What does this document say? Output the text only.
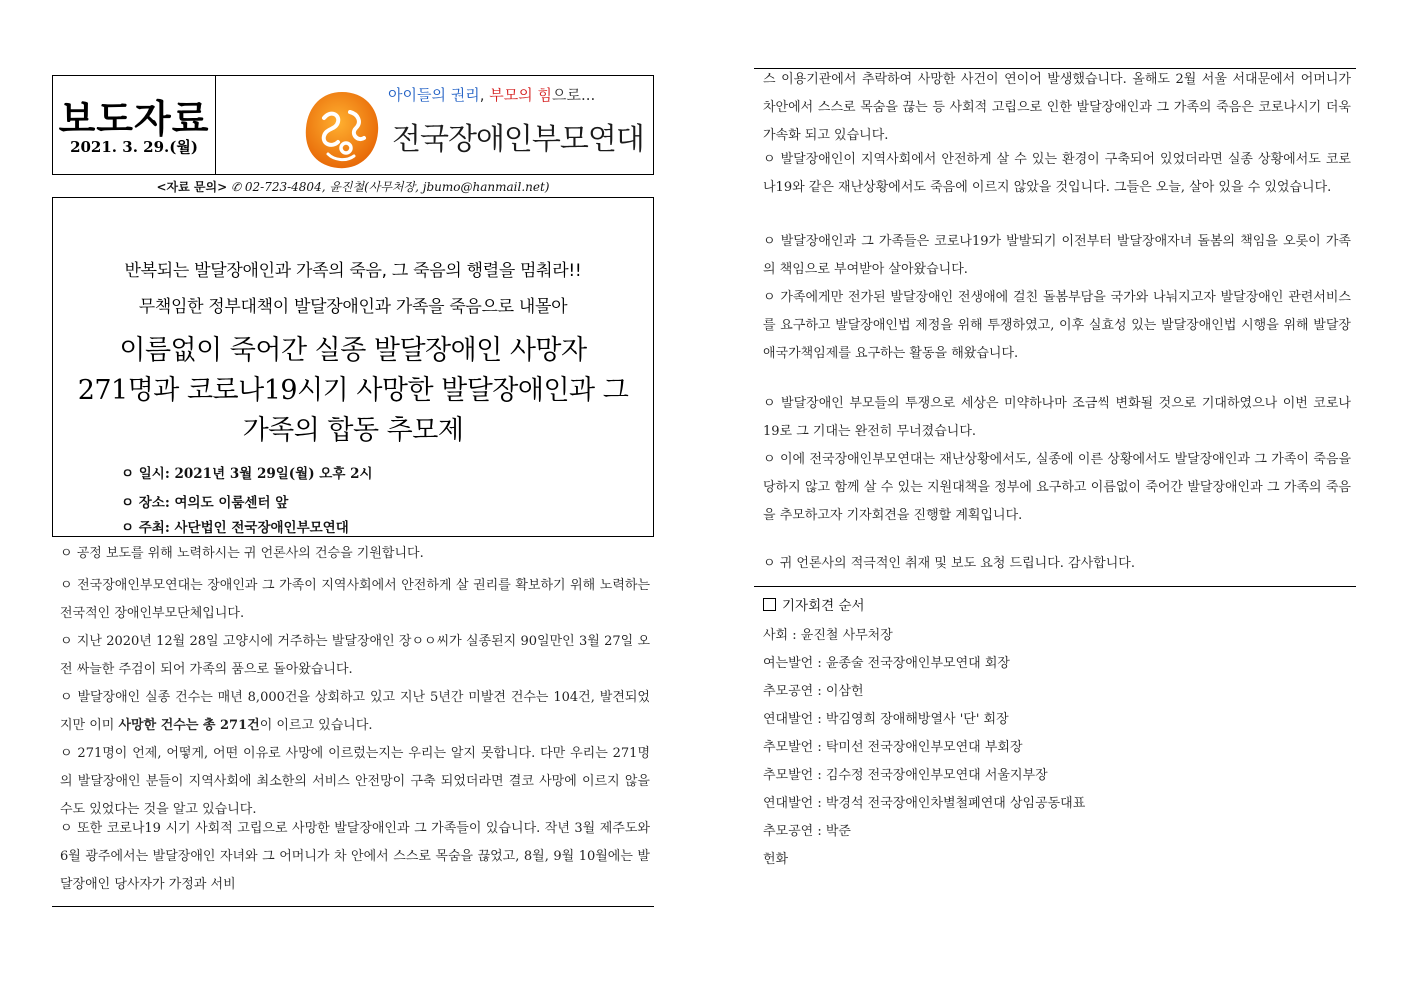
보도자료
2021. 3. 29.(월)
아이들의 권리, 부모의 힘으로...
전국장애인부모연대
<자료 문의> ✆ 02-723-4804, 윤진철(사무처장, jbumo@hanmail.net)
반복되는 발달장애인과 가족의 죽음, 그 죽음의 행렬을 멈춰라!!
무책임한 정부대책이 발달장애인과 가족을 죽음으로 내몰아
이름없이 죽어간 실종 발달장애인 사망자
271명과 코로나19시기 사망한 발달장애인과 그
가족의 합동 추모제
ㅇ 일시: 2021년 3월 29일(월) 오후 2시
ㅇ 장소: 여의도 이룸센터 앞
ㅇ 주최: 사단법인 전국장애인부모연대
ㅇ 공정 보도를 위해 노력하시는 귀 언론사의 건승을 기원합니다.
ㅇ 전국장애인부모연대는 장애인과 그 가족이 지역사회에서 안전하게 살 권리를 확보하기 위해 노력하는 전국적인 장애인부모단체입니다.
ㅇ 지난 2020년 12월 28일 고양시에 거주하는 발달장애인 장ㅇㅇ씨가 실종된지 90일만인 3월 27일 오전 싸늘한 주검이 되어 가족의 품으로 돌아왔습니다.
ㅇ 발달장애인 실종 건수는 매년 8,000건을 상회하고 있고 지난 5년간 미발견 건수는 104건, 발견되었지만 이미 사망한 건수는 총 271건이 이르고 있습니다.
ㅇ 271명이 언제, 어떻게, 어떤 이유로 사망에 이르렀는지는 우리는 알지 못합니다. 다만 우리는 271명의 발달장애인 분들이 지역사회에 최소한의 서비스 안전망이 구축 되었더라면 결코 사망에 이르지 않을 수도 있었다는 것을 알고 있습니다.
ㅇ 또한 코로나19 시기 사회적 고립으로 사망한 발달장애인과 그 가족들이 있습니다. 작년 3월 제주도와 6월 광주에서는 발달장애인 자녀와 그 어머니가 차 안에서 스스로 목숨을 끊었고, 8월, 9월 10월에는 발달장애인 당사자가 가정과 서비
스 이용기관에서 추락하여 사망한 사건이 연이어 발생했습니다. 올해도 2월 서울 서대문에서 어머니가 차안에서 스스로 목숨을 끊는 등 사회적 고립으로 인한 발달장애인과 그 가족의 죽음은 코로나시기 더욱 가속화 되고 있습니다.
ㅇ 발달장애인이 지역사회에서 안전하게 살 수 있는 환경이 구축되어 있었더라면 실종 상황에서도 코로나19와 같은 재난상황에서도 죽음에 이르지 않았을 것입니다. 그들은 오늘, 살아 있을 수 있었습니다.
ㅇ 발달장애인과 그 가족들은 코로나19가 발발되기 이전부터 발달장애자녀 돌봄의 책임을 오롯이 가족의 책임으로 부여받아 살아왔습니다.
ㅇ 가족에게만 전가된 발달장애인 전생애에 걸친 돌봄부담을 국가와 나눠지고자 발달장애인 관련서비스를 요구하고 발달장애인법 제정을 위해 투쟁하였고, 이후 실효성 있는 발달장애인법 시행을 위해 발달장애국가책임제를 요구하는 활동을 해왔습니다.
ㅇ 발달장애인 부모들의 투쟁으로 세상은 미약하나마 조금씩 변화될 것으로 기대하였으나 이번 코로나19로 그 기대는 완전히 무너졌습니다.
ㅇ 이에 전국장애인부모연대는 재난상황에서도, 실종에 이른 상황에서도 발달장애인과 그 가족이 죽음을 당하지 않고 함께 살 수 있는 지원대책을 정부에 요구하고 이름없이 죽어간 발달장애인과 그 가족의 죽음을 추모하고자 기자회견을 진행할 계획입니다.
ㅇ 귀 언론사의 적극적인 취재 및 보도 요청 드립니다. 감사합니다.
기자회견 순서
사회 : 윤진철 사무처장
여는발언 : 윤종술 전국장애인부모연대 회장
추모공연 : 이삼헌
연대발언 : 박김영희 장애해방열사 '단' 회장
추모발언 : 탁미선 전국장애인부모연대 부회장
추모발언 : 김수정 전국장애인부모연대 서울지부장
연대발언 : 박경석 전국장애인차별철폐연대 상임공동대표
추모공연 : 박준
헌화
